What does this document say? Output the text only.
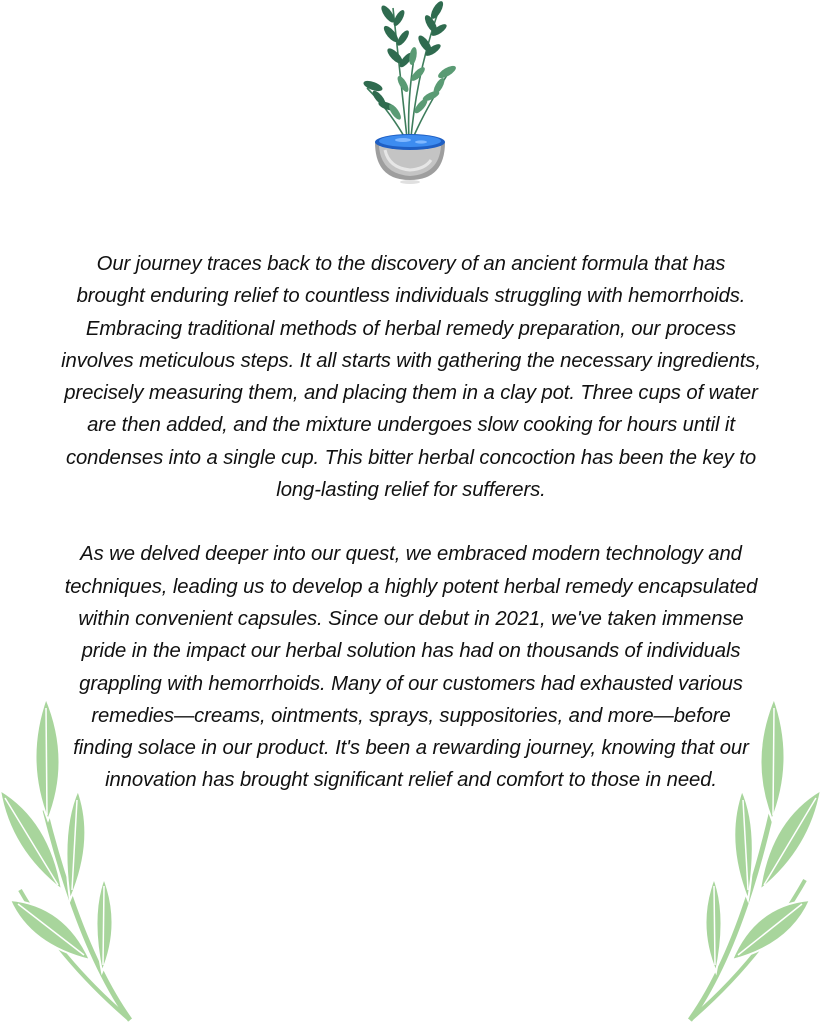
Our journey traces back to the discovery of an ancient formula that has brought enduring relief to countless individuals struggling with hemorrhoids. Embracing traditional methods of herbal remedy preparation, our process involves meticulous steps. It all starts with gathering the necessary ingredients, precisely measuring them, and placing them in a clay pot. Three cups of water are then added, and the mixture undergoes slow cooking for hours until it condenses into a single cup. This bitter herbal concoction has been the key to long-lasting relief for sufferers.

As we delved deeper into our quest, we embraced modern technology and techniques, leading us to develop a highly potent herbal remedy encapsulated within convenient capsules. Since our debut in 2021, we've taken immense pride in the impact our herbal solution has had on thousands of individuals grappling with hemorrhoids. Many of our customers had exhausted various remedies—creams, ointments, sprays, suppositories, and more—before finding solace in our product. It's been a rewarding journey, knowing that our innovation has brought significant relief and comfort to those in need.
